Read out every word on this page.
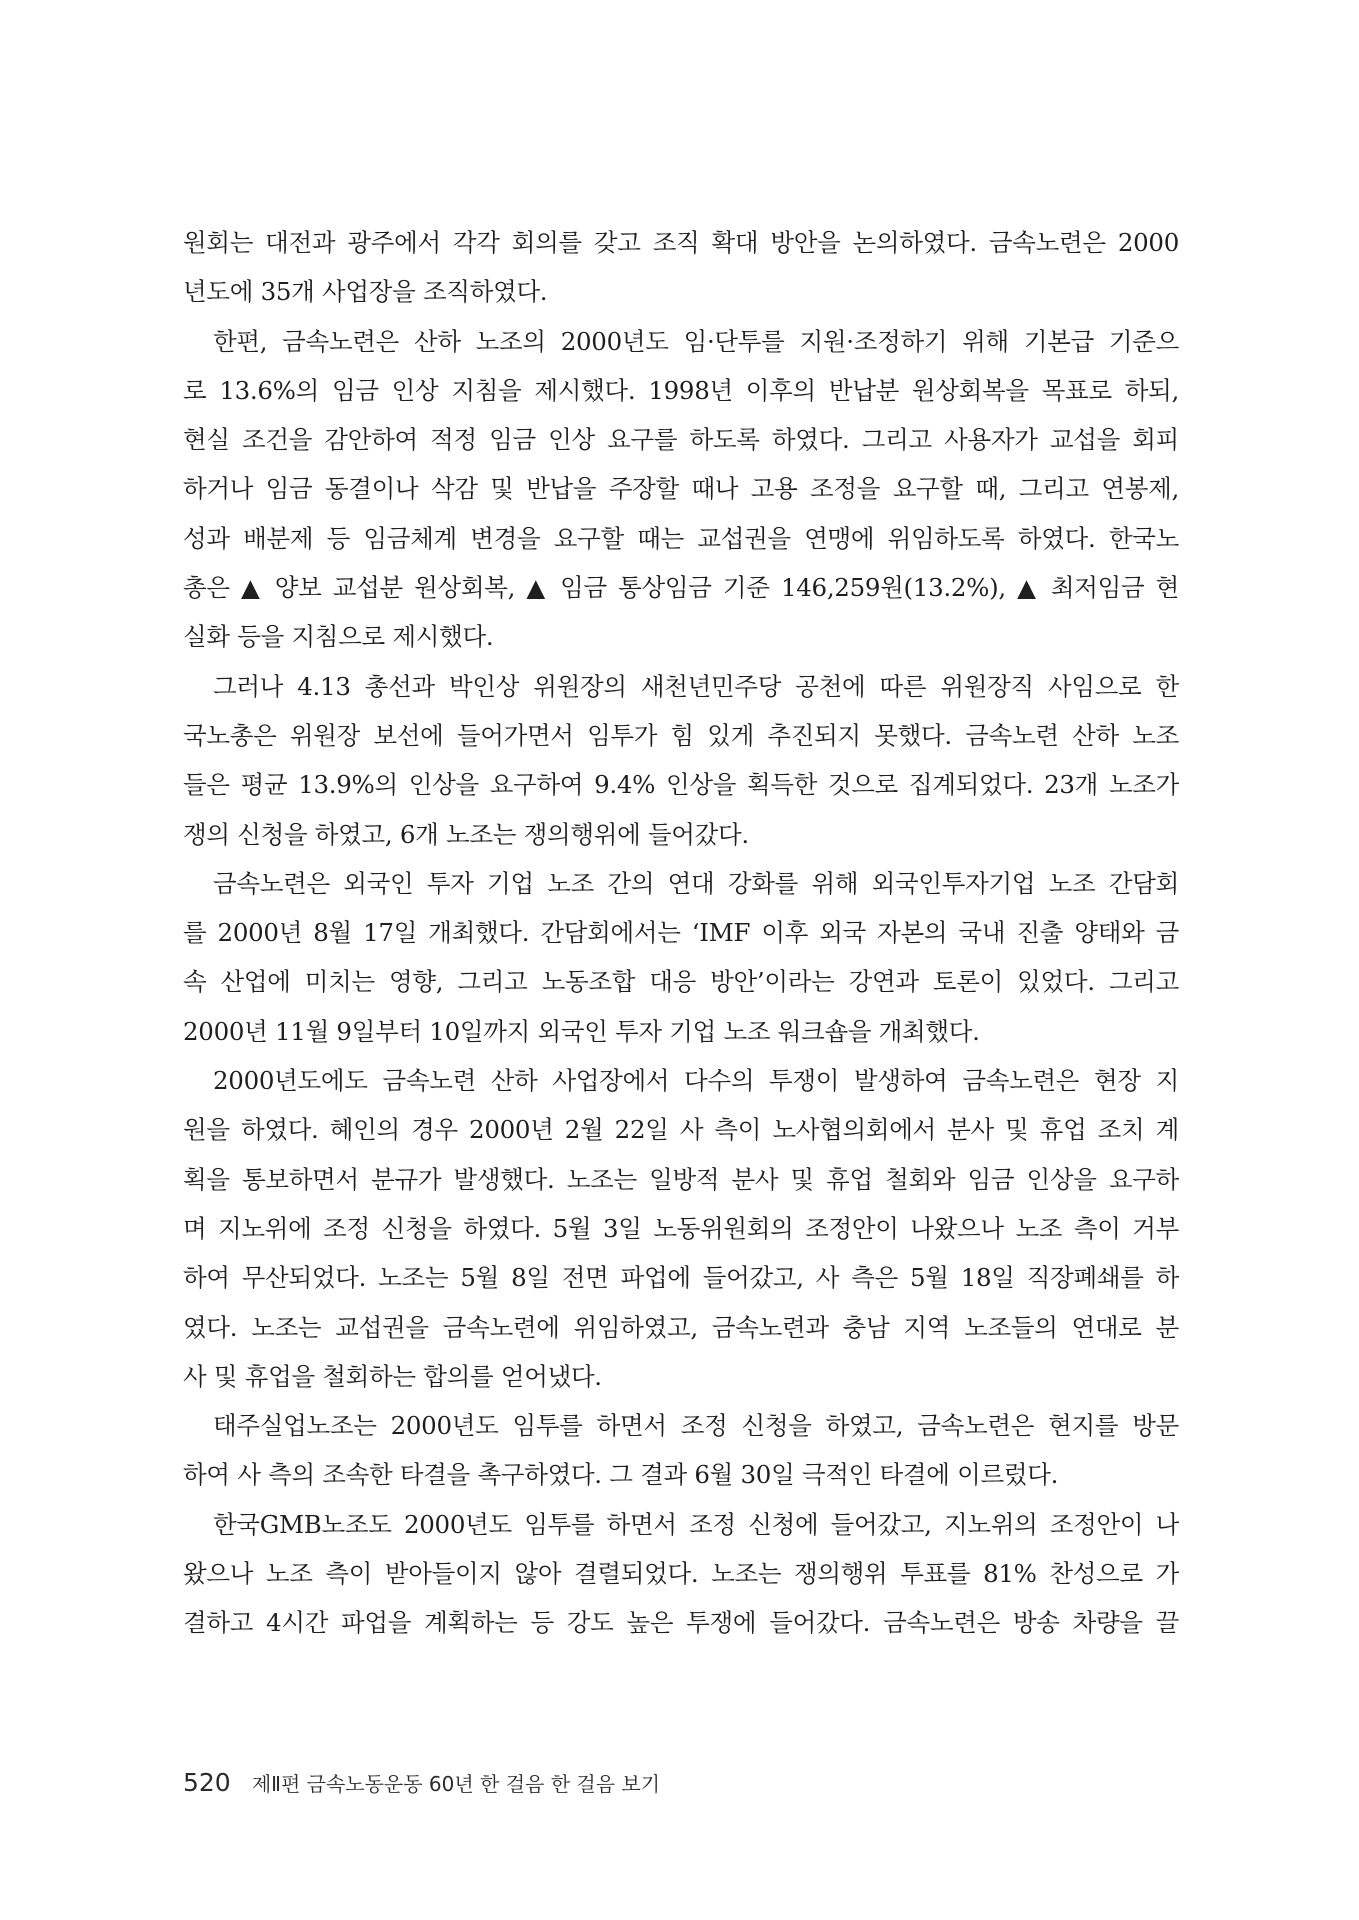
원회는 대전과 광주에서 각각 회의를 갖고 조직 확대 방안을 논의하였다. 금속노련은 2000
년도에 35개 사업장을 조직하였다.
한편, 금속노련은 산하 노조의 2000년도 임·단투를 지원·조정하기 위해 기본급 기준으
로 13.6%의 임금 인상 지침을 제시했다. 1998년 이후의 반납분 원상회복을 목표로 하되,
현실 조건을 감안하여 적정 임금 인상 요구를 하도록 하였다. 그리고 사용자가 교섭을 회피
하거나 임금 동결이나 삭감 및 반납을 주장할 때나 고용 조정을 요구할 때, 그리고 연봉제,
성과 배분제 등 임금체계 변경을 요구할 때는 교섭권을 연맹에 위임하도록 하였다. 한국노
총은 ▲ 양보 교섭분 원상회복, ▲ 임금 통상임금 기준 146,259원(13.2%), ▲ 최저임금 현
실화 등을 지침으로 제시했다.
그러나 4.13 총선과 박인상 위원장의 새천년민주당 공천에 따른 위원장직 사임으로 한
국노총은 위원장 보선에 들어가면서 임투가 힘 있게 추진되지 못했다. 금속노련 산하 노조
들은 평균 13.9%의 인상을 요구하여 9.4% 인상을 획득한 것으로 집계되었다. 23개 노조가
쟁의 신청을 하였고, 6개 노조는 쟁의행위에 들어갔다.
금속노련은 외국인 투자 기업 노조 간의 연대 강화를 위해 외국인투자기업 노조 간담회
를 2000년 8월 17일 개최했다. 간담회에서는 ‘IMF 이후 외국 자본의 국내 진출 양태와 금
속 산업에 미치는 영향, 그리고 노동조합 대응 방안’이라는 강연과 토론이 있었다. 그리고
2000년 11월 9일부터 10일까지 외국인 투자 기업 노조 워크숍을 개최했다.
2000년도에도 금속노련 산하 사업장에서 다수의 투쟁이 발생하여 금속노련은 현장 지
원을 하였다. 혜인의 경우 2000년 2월 22일 사 측이 노사협의회에서 분사 및 휴업 조치 계
획을 통보하면서 분규가 발생했다. 노조는 일방적 분사 및 휴업 철회와 임금 인상을 요구하
며 지노위에 조정 신청을 하였다. 5월 3일 노동위원회의 조정안이 나왔으나 노조 측이 거부
하여 무산되었다. 노조는 5월 8일 전면 파업에 들어갔고, 사 측은 5월 18일 직장폐쇄를 하
였다. 노조는 교섭권을 금속노련에 위임하였고, 금속노련과 충남 지역 노조들의 연대로 분
사 및 휴업을 철회하는 합의를 얻어냈다.
태주실업노조는 2000년도 임투를 하면서 조정 신청을 하였고, 금속노련은 현지를 방문
하여 사 측의 조속한 타결을 촉구하였다. 그 결과 6월 30일 극적인 타결에 이르렀다.
한국GMB노조도 2000년도 임투를 하면서 조정 신청에 들어갔고, 지노위의 조정안이 나
왔으나 노조 측이 받아들이지 않아 결렬되었다. 노조는 쟁의행위 투표를 81% 찬성으로 가
결하고 4시간 파업을 계획하는 등 강도 높은 투쟁에 들어갔다. 금속노련은 방송 차량을 끌
520 제Ⅱ편 금속노동운동 60년 한 걸음 한 걸음 보기
